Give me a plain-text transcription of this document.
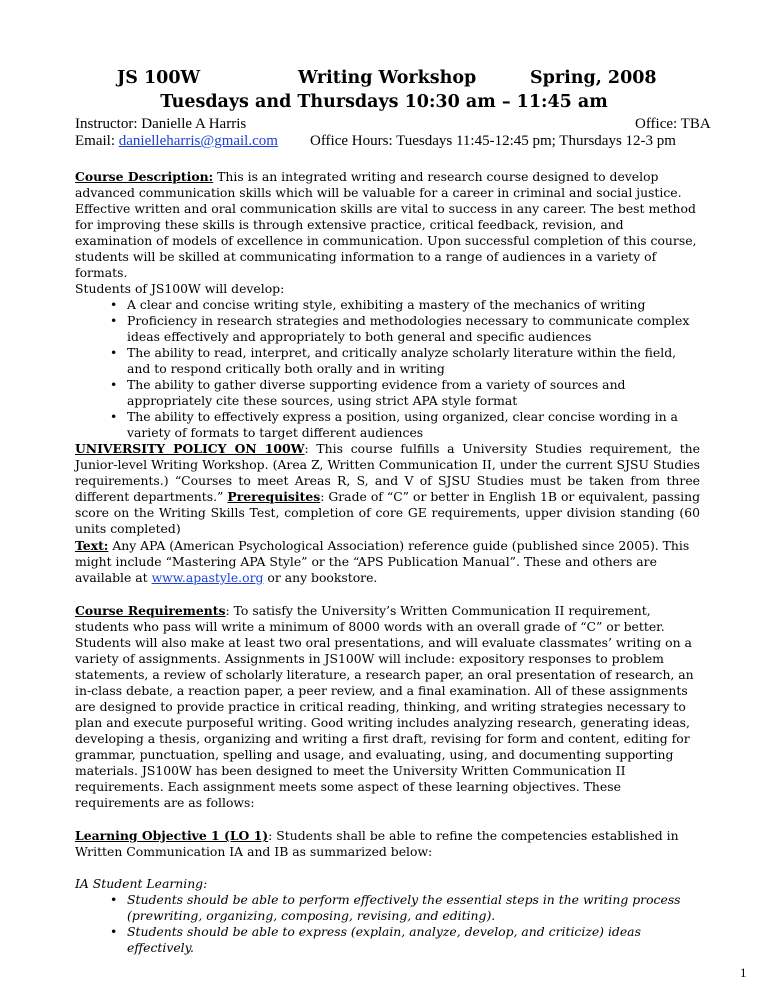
JS 100W	Writing Workshop	Spring, 2008
Tuesdays and Thursdays 10:30 am – 11:45 am
Instructor: Danielle A Harris	Office: TBA
Email: danielleharris@gmail.com Office Hours: Tuesdays 11:45-12:45 pm; Thursdays 12-3 pm

Course Description: This is an integrated writing and research course designed to develop advanced communication skills which will be valuable for a career in criminal and social justice. Effective written and oral communication skills are vital to success in any career. The best method for improving these skills is through extensive practice, critical feedback, revision, and examination of models of excellence in communication. Upon successful completion of this course, students will be skilled at communicating information to a range of audiences in a variety of formats.

Students of JS100W will develop:

• A clear and concise writing style, exhibiting a mastery of the mechanics of writing
• Proficiency in research strategies and methodologies necessary to communicate complex ideas effectively and appropriately to both general and specific audiences
• The ability to read, interpret, and critically analyze scholarly literature within the field, and to respond critically both orally and in writing
• The ability to gather diverse supporting evidence from a variety of sources and appropriately cite these sources, using strict APA style format
• The ability to effectively express a position, using organized, clear concise wording in a variety of formats to target different audiences

UNIVERSITY POLICY ON 100W: This course fulfills a University Studies requirement, the Junior-level Writing Workshop. (Area Z, Written Communication II, under the current SJSU Studies requirements.) “Courses to meet Areas R, S, and V of SJSU Studies must be taken from three different departments.” Prerequisites: Grade of “C” or better in English 1B or equivalent, passing score on the Writing Skills Test, completion of core GE requirements, upper division standing (60 units completed)

Text: Any APA (American Psychological Association) reference guide (published since 2005). This might include “Mastering APA Style” or the “APS Publication Manual”. These and others are available at www.apastyle.org or any bookstore.

Course Requirements: To satisfy the University’s Written Communication II requirement, students who pass will write a minimum of 8000 words with an overall grade of “C” or better. Students will also make at least two oral presentations, and will evaluate classmates’ writing on a variety of assignments. Assignments in JS100W will include: expository responses to problem statements, a review of scholarly literature, a research paper, an oral presentation of research, an in-class debate, a reaction paper, a peer review, and a final examination. All of these assignments are designed to provide practice in critical reading, thinking, and writing strategies necessary to plan and execute purposeful writing. Good writing includes analyzing research, generating ideas, developing a thesis, organizing and writing a first draft, revising for form and content, editing for grammar, punctuation, spelling and usage, and evaluating, using, and documenting supporting materials. JS100W has been designed to meet the University Written Communication II requirements. Each assignment meets some aspect of these learning objectives. These requirements are as follows:

Learning Objective 1 (LO 1): Students shall be able to refine the competencies established in Written Communication IA and IB as summarized below:

IA Student Learning:

• Students should be able to perform effectively the essential steps in the writing process (prewriting, organizing, composing, revising, and editing).
• Students should be able to express (explain, analyze, develop, and criticize) ideas effectively.
1
